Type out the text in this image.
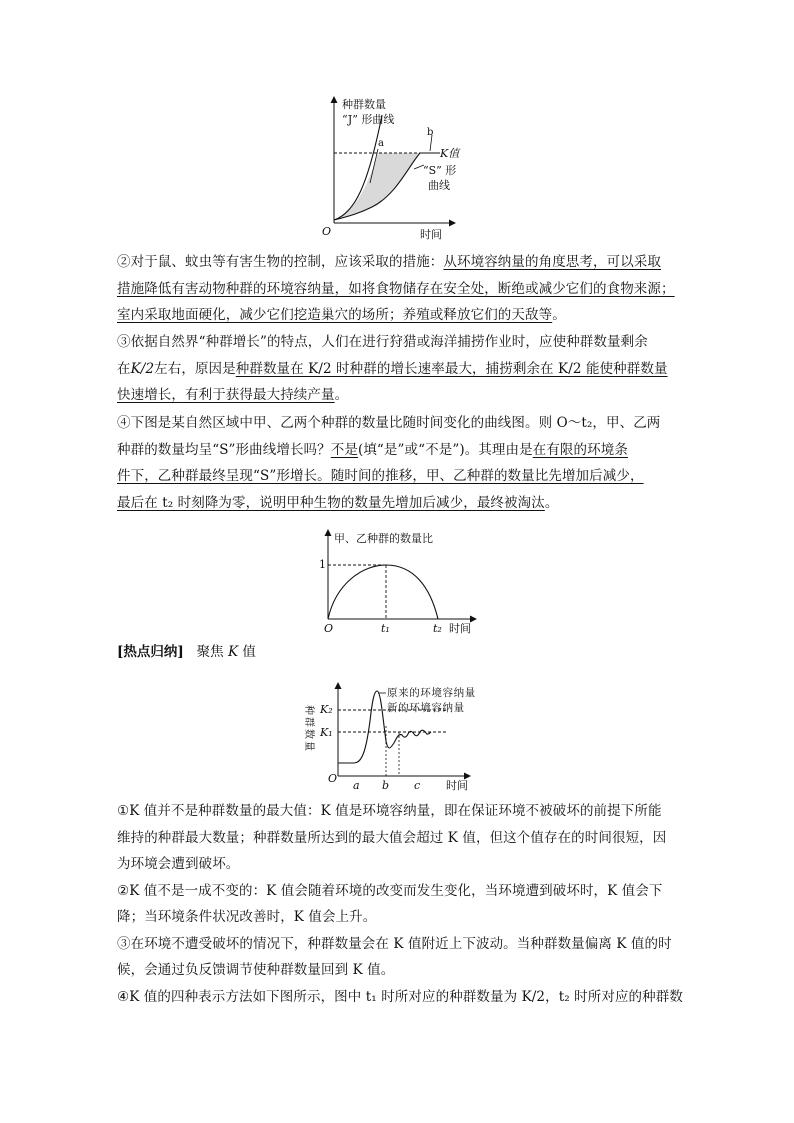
种群数量
“J” 形曲线
a
b
K值
“S” 形
曲线
O	时间

②对于鼠、蚊虫等有害生物的控制，应该采取的措施：从环境容纳量的角度思考，可以采取

措施降低有害动物种群的环境容纳量，如将食物储存在安全处，断绝或减少它们的食物来源；

室内采取地面硬化，减少它们挖造巢穴的场所；养殖或释放它们的天敌等。

③依据自然界“种群增长”的特点，人们在进行狩猎或海洋捕捞作业时，应使种群数量剩余

在K/2左右，原因是种群数量在 K/2 时种群的增长速率最大，捕捞剩余在 K/2 能使种群数量

快速增长，有利于获得最大持续产量。

④下图是某自然区域中甲、乙两个种群的数量比随时间变化的曲线图。则 O～t₂，甲、乙两

种群的数量均呈“S”形曲线增长吗？不是(填“是”或“不是”)。其理由是在有限的环境条

件下，乙种群最终呈现“S”形增长。随时间的推移，甲、乙种群的数量比先增加后减少，

最后在 t₂ 时刻降为零，说明甲种生物的数量先增加后减少，最终被淘汰。

甲、乙种群的数量比
1
O	t₁	t₂ 时间
[热点归纳] 聚焦 K 值
原来的环境容纳量
新的环境容纳量
种群数量 K₂
K₁
O
a b c 时间

①K 值并不是种群数量的最大值：K 值是环境容纳量，即在保证环境不被破坏的前提下所能

维持的种群最大数量；种群数量所达到的最大值会超过 K 值，但这个值存在的时间很短，因

为环境会遭到破坏。

②K 值不是一成不变的：K 值会随着环境的改变而发生变化，当环境遭到破坏时，K 值会下

降；当环境条件状况改善时，K 值会上升。

③在环境不遭受破坏的情况下，种群数量会在 K 值附近上下波动。当种群数量偏离 K 值的时

候，会通过负反馈调节使种群数量回到 K 值。

④K 值的四种表示方法如下图所示，图中 t₁ 时所对应的种群数量为 K/2，t₂ 时所对应的种群数
